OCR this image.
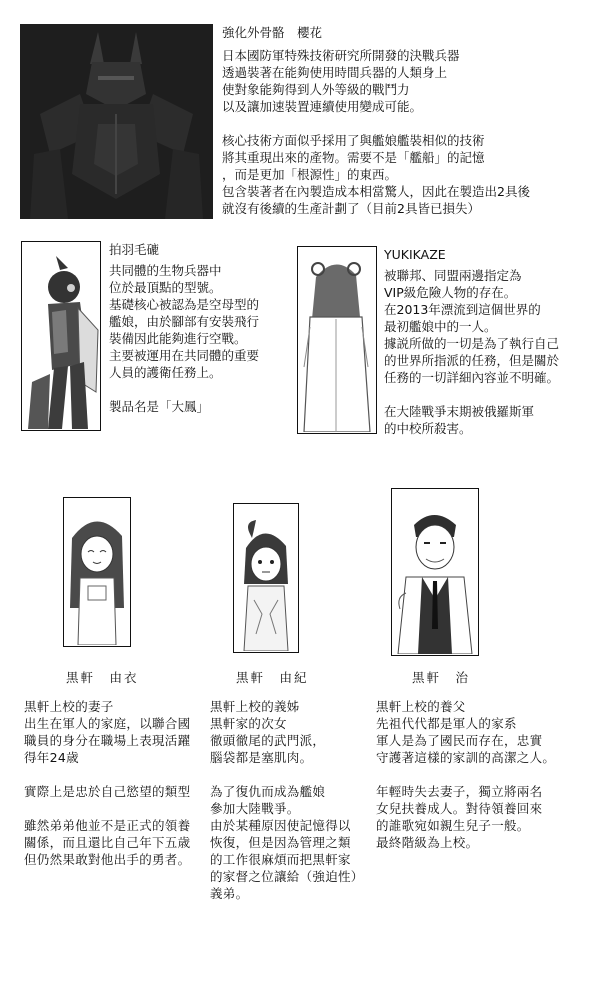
強化外骨骼　櫻花
日本國防軍特殊技術研究所開發的決戰兵器
透過裝著在能夠使用時間兵器的人類身上
使對象能夠得到人外等級的戰鬥力
以及讓加速裝置連續使用變成可能。

核心技術方面似乎採用了與艦娘艦裝相似的技術
將其重現出來的產物。需要不是「艦船」的記憶
，而是更加「根源性」的東西。
包含裝著者在內製造成本相當驚人，因此在製造出2具後
就沒有後續的生產計劃了（目前2具皆已損失）
拍羽毛䃙
共同體的生物兵器中
位於最頂點的型號。
基礎核心被認為是空母型的
艦娘，由於腳部有安裝飛行
裝備因此能夠進行空戰。
主要被運用在共同體的重要
人員的護衛任務上。

製品名是「大鳳」
YUKIKAZE
被聯邦、同盟兩邊指定為
VIP級危險人物的存在。
在2013年漂流到這個世界的
最初艦娘中的一人。
據説所做的一切是為了執行自己
的世界所指派的任務，但是關於
任務的一切詳細內容並不明確。

在大陸戰爭末期被俄羅斯軍
的中校所殺害。
黒軒　由衣
黒軒上校的妻子
出生在軍人的家庭，以聯合國
職員的身分在職場上表現活躍
得年24歳

實際上是忠於自己慾望的類型

雖然弟弟他並不是正式的領養
關係，而且還比自己年下五歳
但仍然果敢對他出手的勇者。
黒軒　由紀
黒軒上校的義姊
黒軒家的次女
徹頭徹尾的武門派，
腦袋都是塞肌肉。

為了復仇而成為艦娘
參加大陸戰爭。
由於某種原因使記憶得以
恢復，但是因為管理之類
的工作很麻煩而把黒軒家
的家督之位讓給（強迫性）
義弟。
黒軒　治
黒軒上校的養父
先祖代代都是軍人的家系
軍人是為了國民而存在，忠實
守護著這樣的家訓的高潔之人。

年輕時失去妻子，獨立將兩名
女兒扶養成人。對待領養回來
的誰歌宛如親生兒子一般。
最終階級為上校。
